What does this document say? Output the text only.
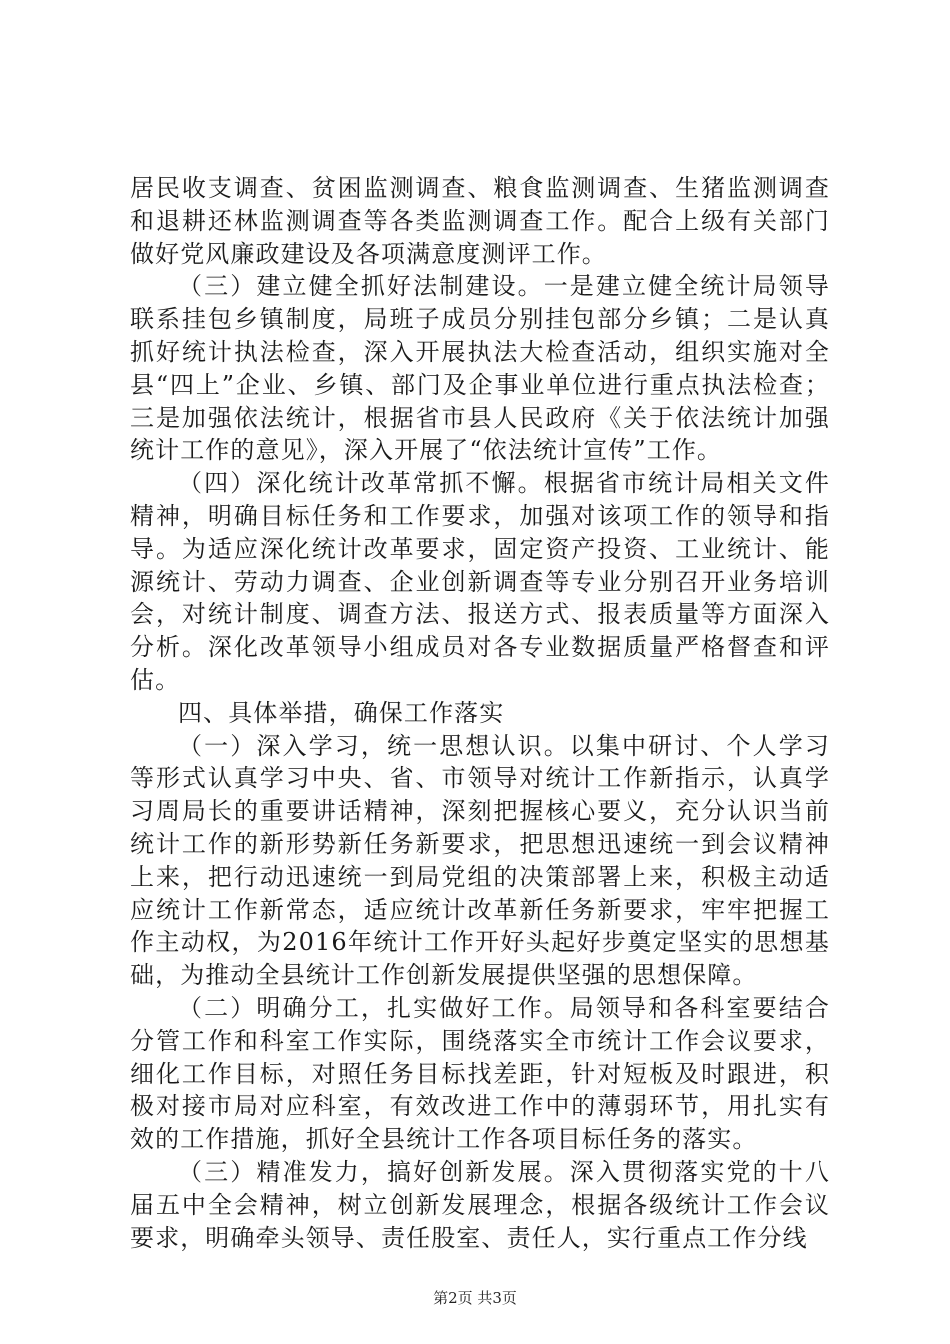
居民收支调查、贫困监测调查、粮食监测调查、生猪监测调查和退耕还林监测调查等各类监测调查工作。配合上级有关部门做好党风廉政建设及各项满意度测评工作。

（三）建立健全抓好法制建设。一是建立健全统计局领导联系挂包乡镇制度，局班子成员分别挂包部分乡镇；二是认真抓好统计执法检查，深入开展执法大检查活动，组织实施对全县“四上”企业、乡镇、部门及企事业单位进行重点执法检查；三是加强依法统计，根据省市县人民政府《关于依法统计加强统计工作的意见》，深入开展了“依法统计宣传”工作。

（四）深化统计改革常抓不懈。根据省市统计局相关文件精神，明确目标任务和工作要求，加强对该项工作的领导和指导。为适应深化统计改革要求，固定资产投资、工业统计、能源统计、劳动力调查、企业创新调查等专业分别召开业务培训会，对统计制度、调查方法、报送方式、报表质量等方面深入分析。深化改革领导小组成员对各专业数据质量严格督查和评估。

四、具体举措，确保工作落实

（一）深入学习，统一思想认识。以集中研讨、个人学习等形式认真学习中央、省、市领导对统计工作新指示，认真学习周局长的重要讲话精神，深刻把握核心要义，充分认识当前统计工作的新形势新任务新要求，把思想迅速统一到会议精神上来，把行动迅速统一到局党组的决策部署上来，积极主动适应统计工作新常态，适应统计改革新任务新要求，牢牢把握工作主动权，为2016年统计工作开好头起好步奠定坚实的思想基础，为推动全县统计工作创新发展提供坚强的思想保障。

（二）明确分工，扎实做好工作。局领导和各科室要结合分管工作和科室工作实际，围绕落实全市统计工作会议要求，细化工作目标，对照任务目标找差距，针对短板及时跟进，积极对接市局对应科室，有效改进工作中的薄弱环节，用扎实有效的工作措施，抓好全县统计工作各项目标任务的落实。

（三）精准发力，搞好创新发展。深入贯彻落实党的十八届五中全会精神，树立创新发展理念，根据各级统计工作会议要求，明确牵头领导、责任股室、责任人，实行重点工作分线

第2页 共3页
